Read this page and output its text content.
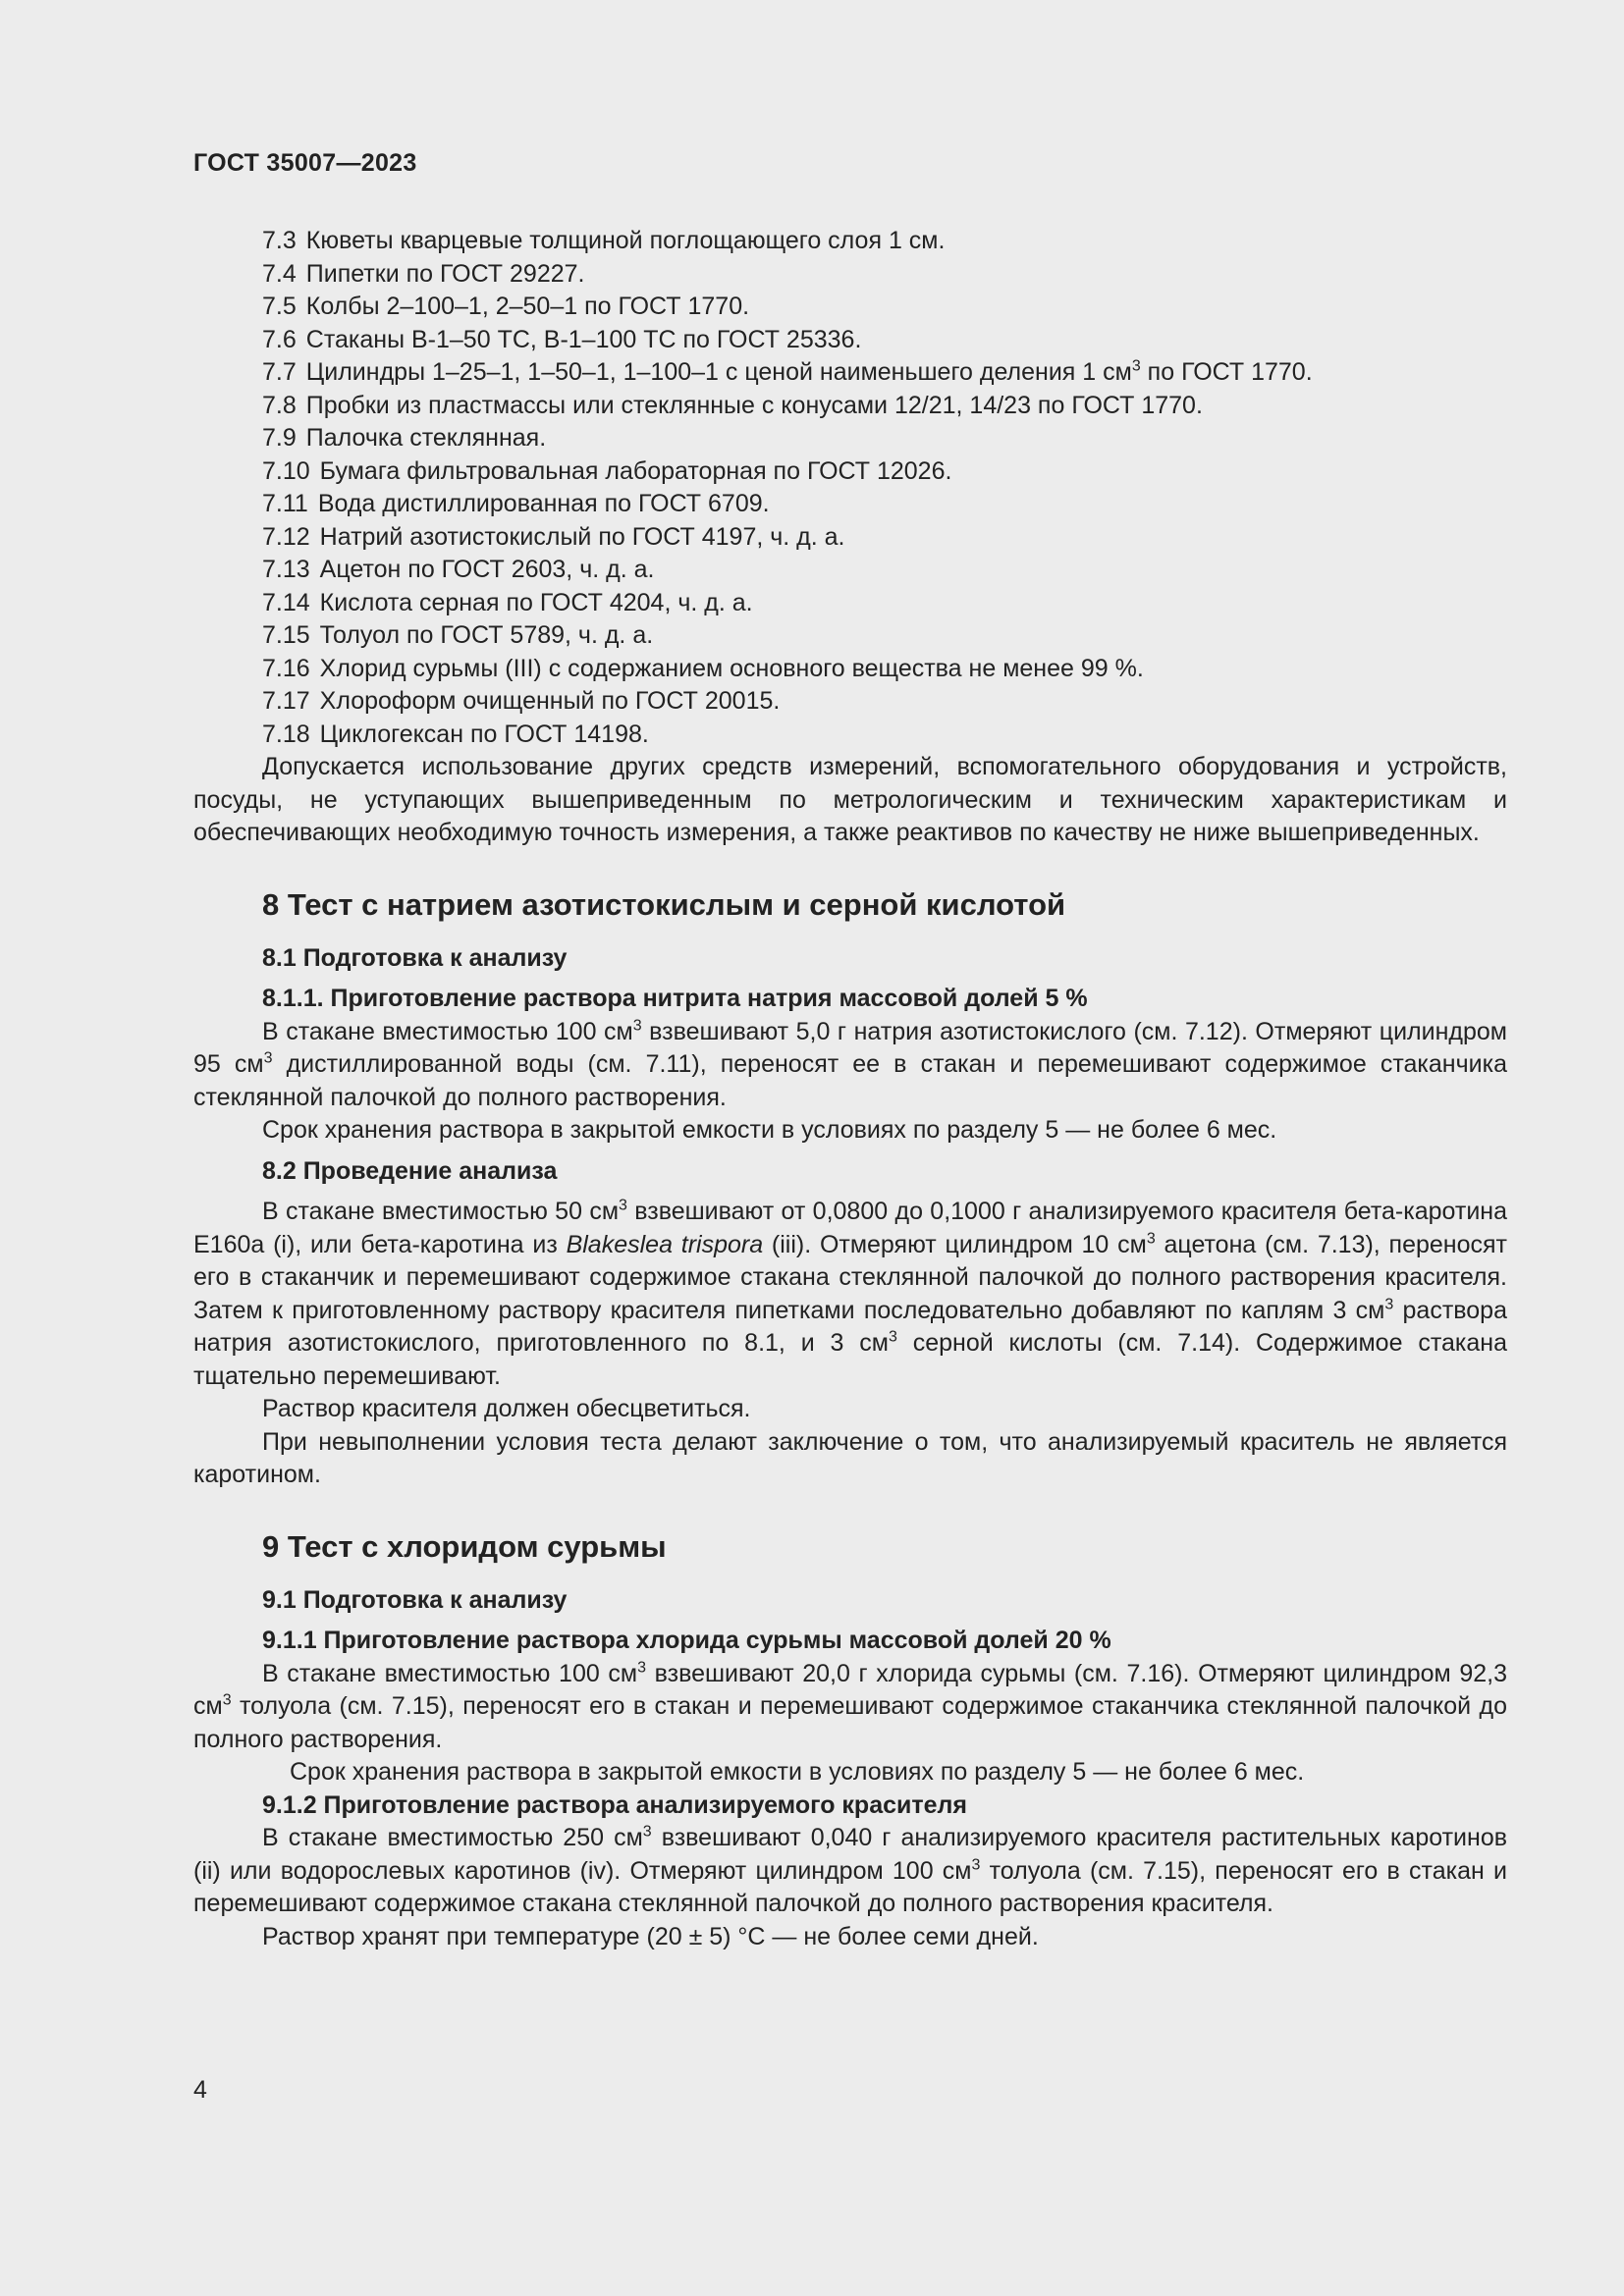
ГОСТ 35007—2023

7.3 Кюветы кварцевые толщиной поглощающего слоя 1 см.

7.4 Пипетки по ГОСТ 29227.

7.5 Колбы 2–100–1, 2–50–1 по ГОСТ 1770.

7.6 Стаканы В-1–50 ТС, В-1–100 ТС по ГОСТ 25336.

7.7 Цилиндры 1–25–1, 1–50–1, 1–100–1 с ценой наименьшего деления 1 $см^3$ по ГОСТ 1770.

7.8 Пробки из пластмассы или стеклянные с конусами 12/21, 14/23 по ГОСТ 1770.

7.9 Палочка стеклянная.

7.10 Бумага фильтровальная лабораторная по ГОСТ 12026.

7.11 Вода дистиллированная по ГОСТ 6709.

7.12 Натрий азотистокислый по ГОСТ 4197, ч. д. а.

7.13 Ацетон по ГОСТ 2603, ч. д. а.

7.14 Кислота серная по ГОСТ 4204, ч. д. а.

7.15 Толуол по ГОСТ 5789, ч. д. а.

7.16 Хлорид сурьмы (III) с содержанием основного вещества не менее 99 %.

7.17 Хлороформ очищенный по ГОСТ 20015.

7.18 Циклогексан по ГОСТ 14198.

Допускается использование других средств измерений, вспомогательного оборудования и устройств, посуды, не уступающих вышеприведенным по метрологическим и техническим характеристикам и обеспечивающих необходимую точность измерения, а также реактивов по качеству не ниже вышеприведенных.

8 Тест с натрием азотистокислым и серной кислотой

8.1 Подготовка к анализу

8.1.1. Приготовление раствора нитрита натрия массовой долей 5 %

В стакане вместимостью 100 $см^3$ взвешивают 5,0 г натрия азотистокислого (см. 7.12). Отмеряют цилиндром 95 $см^3$ дистиллированной воды (см. 7.11), переносят ее в стакан и перемешивают содержимое стаканчика стеклянной палочкой до полного растворения.

Срок хранения раствора в закрытой емкости в условиях по разделу 5 — не более 6 мес.

8.2 Проведение анализа

В стакане вместимостью 50 $см^3$ взвешивают от 0,0800 до 0,1000 г анализируемого красителя бета-каротина Е160а (i), или бета-каротина из Blakeslea trispora (iii). Отмеряют цилиндром 10 $см^3$ ацетона (см. 7.13), переносят его в стаканчик и перемешивают содержимое стакана стеклянной палочкой до полного растворения красителя. Затем к приготовленному раствору красителя пипетками последовательно добавляют по каплям 3 $см^3$ раствора натрия азотистокислого, приготовленного по 8.1, и 3 $см^3$ серной кислоты (см. 7.14). Содержимое стакана тщательно перемешивают.

Раствор красителя должен обесцветиться.

При невыполнении условия теста делают заключение о том, что анализируемый краситель не является каротином.

9 Тест с хлоридом сурьмы

9.1 Подготовка к анализу

9.1.1 Приготовление раствора хлорида сурьмы массовой долей 20 %

В стакане вместимостью 100 $см^3$ взвешивают 20,0 г хлорида сурьмы (см. 7.16). Отмеряют цилиндром 92,3 $см^3$ толуола (см. 7.15), переносят его в стакан и перемешивают содержимое стаканчика стеклянной палочкой до полного растворения.

Срок хранения раствора в закрытой емкости в условиях по разделу 5 — не более 6 мес.

9.1.2 Приготовление раствора анализируемого красителя

В стакане вместимостью 250 $см^3$ взвешивают 0,040 г анализируемого красителя растительных каротинов (ii) или водорослевых каротинов (iv). Отмеряют цилиндром 100 $см^3$ толуола (см. 7.15), переносят его в стакан и перемешивают содержимое стакана стеклянной палочкой до полного растворения красителя.

Раствор хранят при температуре (20 ± 5) °С — не более семи дней.

4
